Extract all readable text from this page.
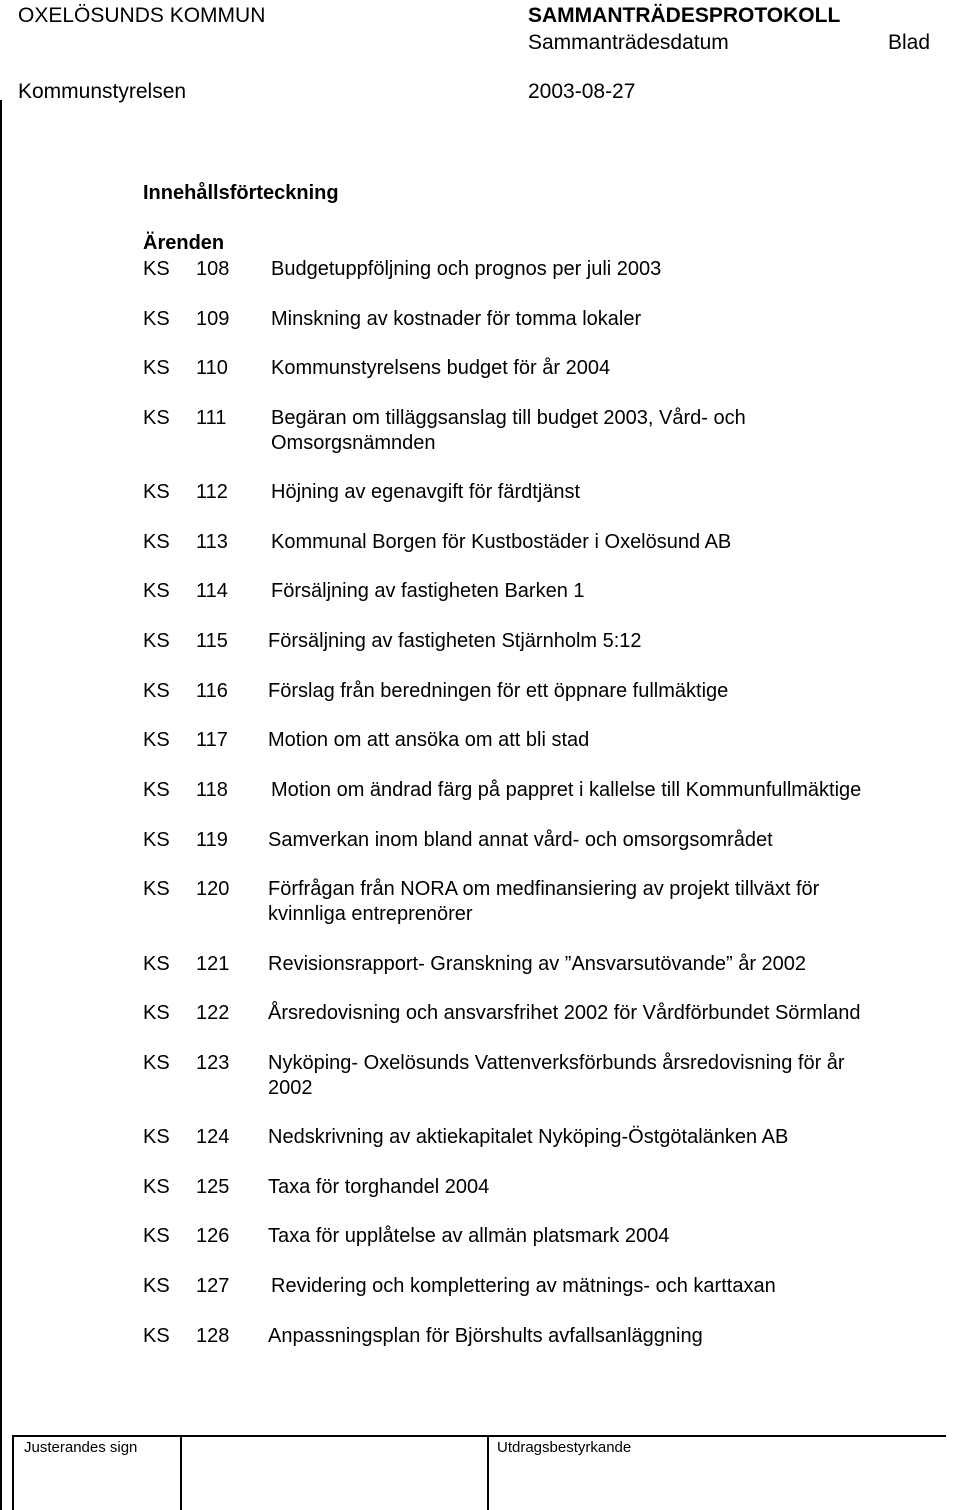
OXELÖSUNDS KOMMUN	SAMMANTRÄDESPROTOKOLL
Sammanträdesdatum	Blad
Kommunstyrelsen	2003-08-27
Innehållsförteckning
Ärenden
KS 108 Budgetuppföljning och prognos per juli 2003
KS 109 Minskning av kostnader för tomma lokaler
KS 110 Kommunstyrelsens budget för år 2004
KS 111 Begäran om tilläggsanslag till budget 2003, Vård- och
Omsorgsnämnden
KS 112 Höjning av egenavgift för färdtjänst
KS 113 Kommunal Borgen för Kustbostäder i Oxelösund AB
KS 114 Försäljning av fastigheten Barken 1
KS 115 Försäljning av fastigheten Stjärnholm 5:12
KS 116 Förslag från beredningen för ett öppnare fullmäktige
KS 117 Motion om att ansöka om att bli stad
KS 118 Motion om ändrad färg på pappret i kallelse till Kommunfullmäktige
KS 119 Samverkan inom bland annat vård- och omsorgsområdet
KS 120 Förfrågan från NORA om medfinansiering av projekt tillväxt för
kvinnliga entreprenörer
KS 121 Revisionsrapport- Granskning av ”Ansvarsutövande” år 2002
KS 122 Årsredovisning och ansvarsfrihet 2002 för Vårdförbundet Sörmland
KS 123 Nyköping- Oxelösunds Vattenverksförbunds årsredovisning för år
2002
KS 124 Nedskrivning av aktiekapitalet Nyköping-Östgötalänken AB
KS 125 Taxa för torghandel 2004
KS 126 Taxa för upplåtelse av allmän platsmark 2004
KS 127 Revidering och komplettering av mätnings- och karttaxan
KS 128 Anpassningsplan för Björshults avfallsanläggning
Justerandes sign	Utdragsbestyrkande
